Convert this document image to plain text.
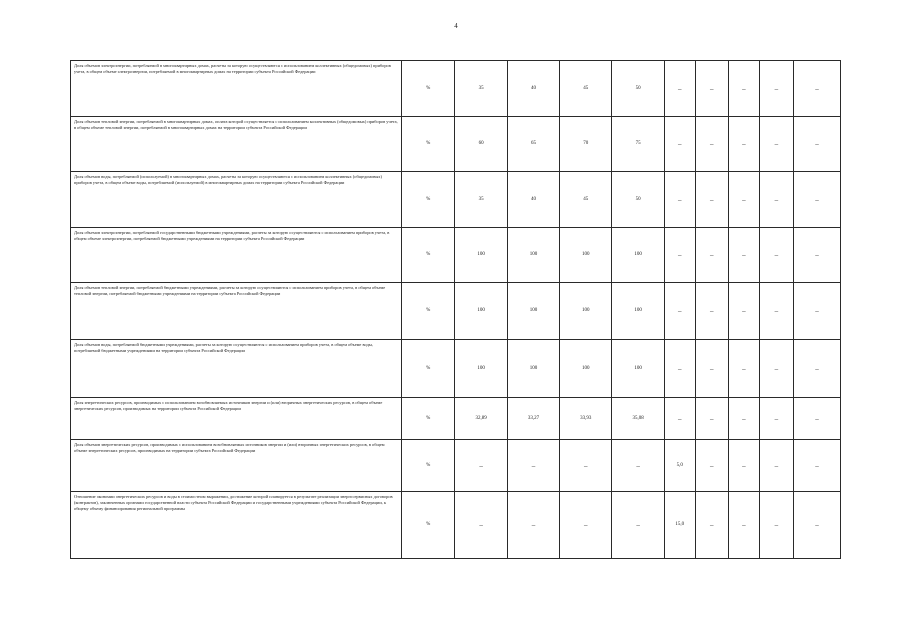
4
Доля объемов электроэнергии, потребляемой в многоквартирных домах, расчеты за которую осуществляются с использованием коллективных (общедомовых) приборов учета, в общем объеме электроэнергии, потребляемой в многоквартирных домах на территории субъекта Российской Федерации	%	35	40	45	50	–	–	–	–	–
Доля объемов тепловой энергии, потребляемой в многоквартирных домах, оплата которой осуществляется с использованием коллективных (общедомовых) приборов учета, в общем объеме тепловой энергии, потребляемой в многоквартирных домах на территории субъекта Российской Федерации	%	60	65	70	75	–	–	–	–	–
Доля объемов воды, потребляемой (используемой) в многоквартирных домах, расчеты за которую осуществляются с использованием коллективных (общедомовых) приборов учета, в общем объеме воды, потребляемой (используемой) в многоквартирных домах на территории субъекта Российской Федерации	%	35	40	45	50	–	–	–	–	–
Доля объемов электроэнергии, потребляемой государственными бюджетными учреждениями, расчеты за которую осуществляются с использованием приборов учета, в общем объеме электроэнергии, потребляемой бюджетными учреждениями на территории субъекта Российской Федерации	%	100	100	100	100	–	–	–	–	–
Доля объемов тепловой энергии, потребляемой бюджетными учреждениями, расчеты за которую осуществляются с использованием приборов учета, в общем объеме тепловой энергии, потребляемой бюджетными учреждениями на территории субъекта Российской Федерации	%	100	100	100	100	–	–	–	–	–
Доля объемов воды, потребляемой бюджетными учреждениями, расчеты за которую осуществляются с использованием приборов учета, в общем объеме воды, потребляемой бюджетными учреждениями на территории субъекта Российской Федерации	%	100	100	100	100	–	–	–	–	–
Доля энергетических ресурсов, производимых с использованием возобновляемых источников энергии и (или) вторичных энергетических ресурсов, в общем объеме энергетических ресурсов, производимых на территории субъекта Российской Федерации	%	32,89	33,27	33,93	35,08	–	–	–	–	–
Доля объемов энергетических ресурсов, производимых с использованием возобновляемых источников энергии и (или) вторичных энергетических ресурсов, в общем объеме энергетических ресурсов, производимых на территории субъекта Российской Федерации	%	–	–	–	–	5,0	–	–	–	–
Отношение экономии энергетических ресурсов и воды в стоимостном выражении, достижение которой планируется в результате реализации энергосервисных договоров (контрактов), заключенных органами государственной власти субъекта Российской Федерации и государственными учреждениями субъекта Российской Федерации, к общему объему финансирования региональной программы	%	–	–	–	–	15,0	–	–	–	–
